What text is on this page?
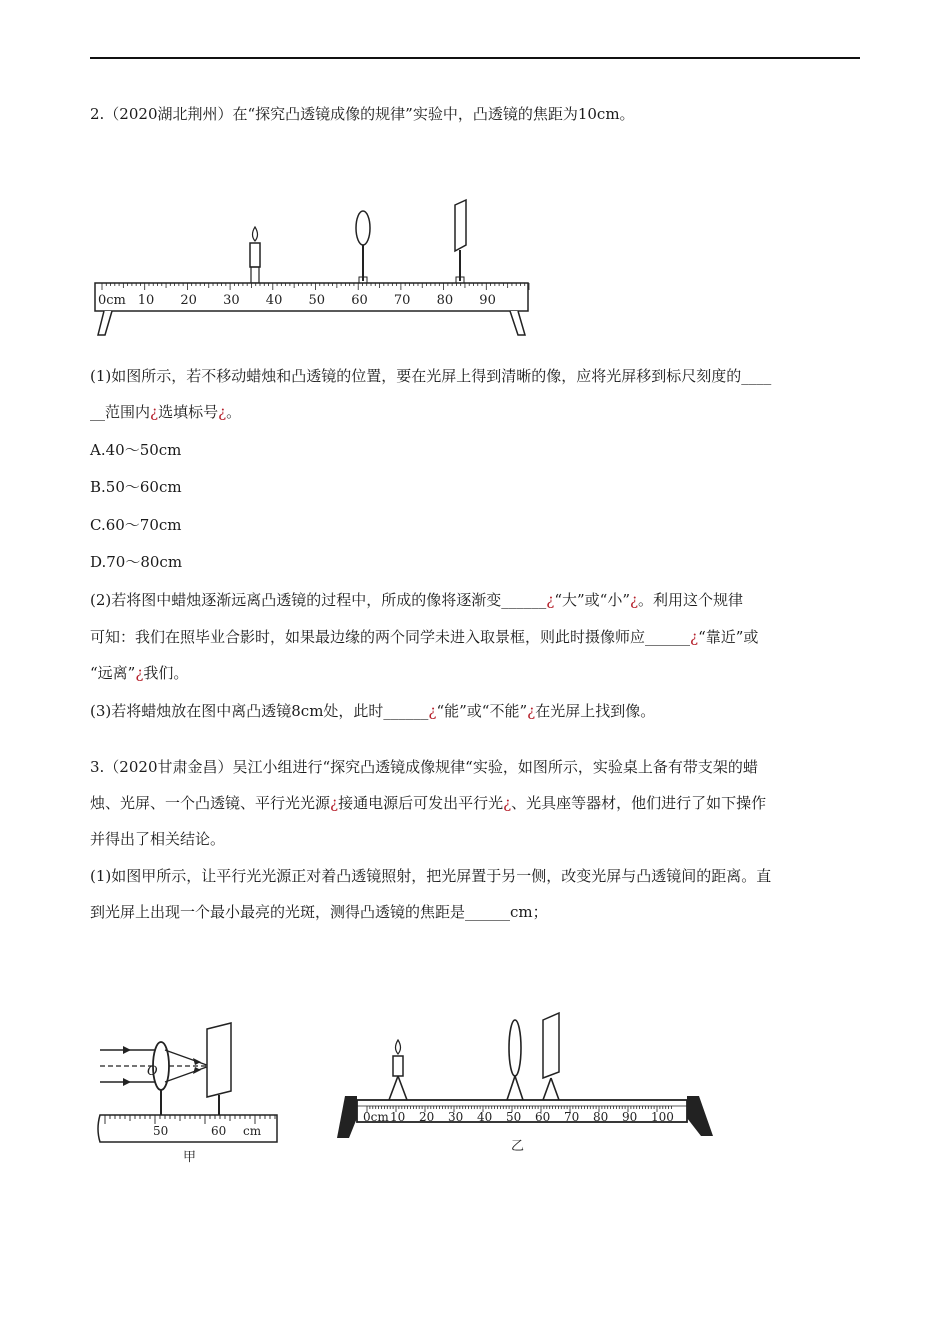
2.（2020湖北荆州）在“探究凸透镜成像的规律”实验中，凸透镜的焦距为10cm。
0cm 10 20 30 40 50 60 70 80 90
(1)如图所示，若不移动蜡烛和凸透镜的位置，要在光屏上得到清晰的像，应将光屏移到标尺刻度的____
__范围内¿选填标号¿。
A.40～50cm
B.50～60cm
C.60～70cm
D.70～80cm
(2)若将图中蜡烛逐渐远离凸透镜的过程中，所成的像将逐渐变______¿“大”或“小”¿。利用这个规律
可知：我们在照毕业合影时，如果最边缘的两个同学未进入取景框，则此时摄像师应______¿“靠近”或
“远离”¿我们。
(3)若将蜡烛放在图中离凸透镜8cm处，此时______¿“能”或“不能”¿在光屏上找到像。
3.（2020甘肃金昌）吴江小组进行“探究凸透镜成像规律“实验，如图所示，实验桌上备有带支架的蜡
烛、光屏、一个凸透镜、平行光光源¿接通电源后可发出平行光¿、光具座等器材，他们进行了如下操作
并得出了相关结论。
(1)如图甲所示，让平行光光源正对着凸透镜照射，把光屏置于另一侧，改变光屏与凸透镜间的距离。直
到光屏上出现一个最小最亮的光斑，测得凸透镜的焦距是______cm；
O
50	60 cm
甲
0cm 10 20 30 40 50 60 70 80 90 100
乙
